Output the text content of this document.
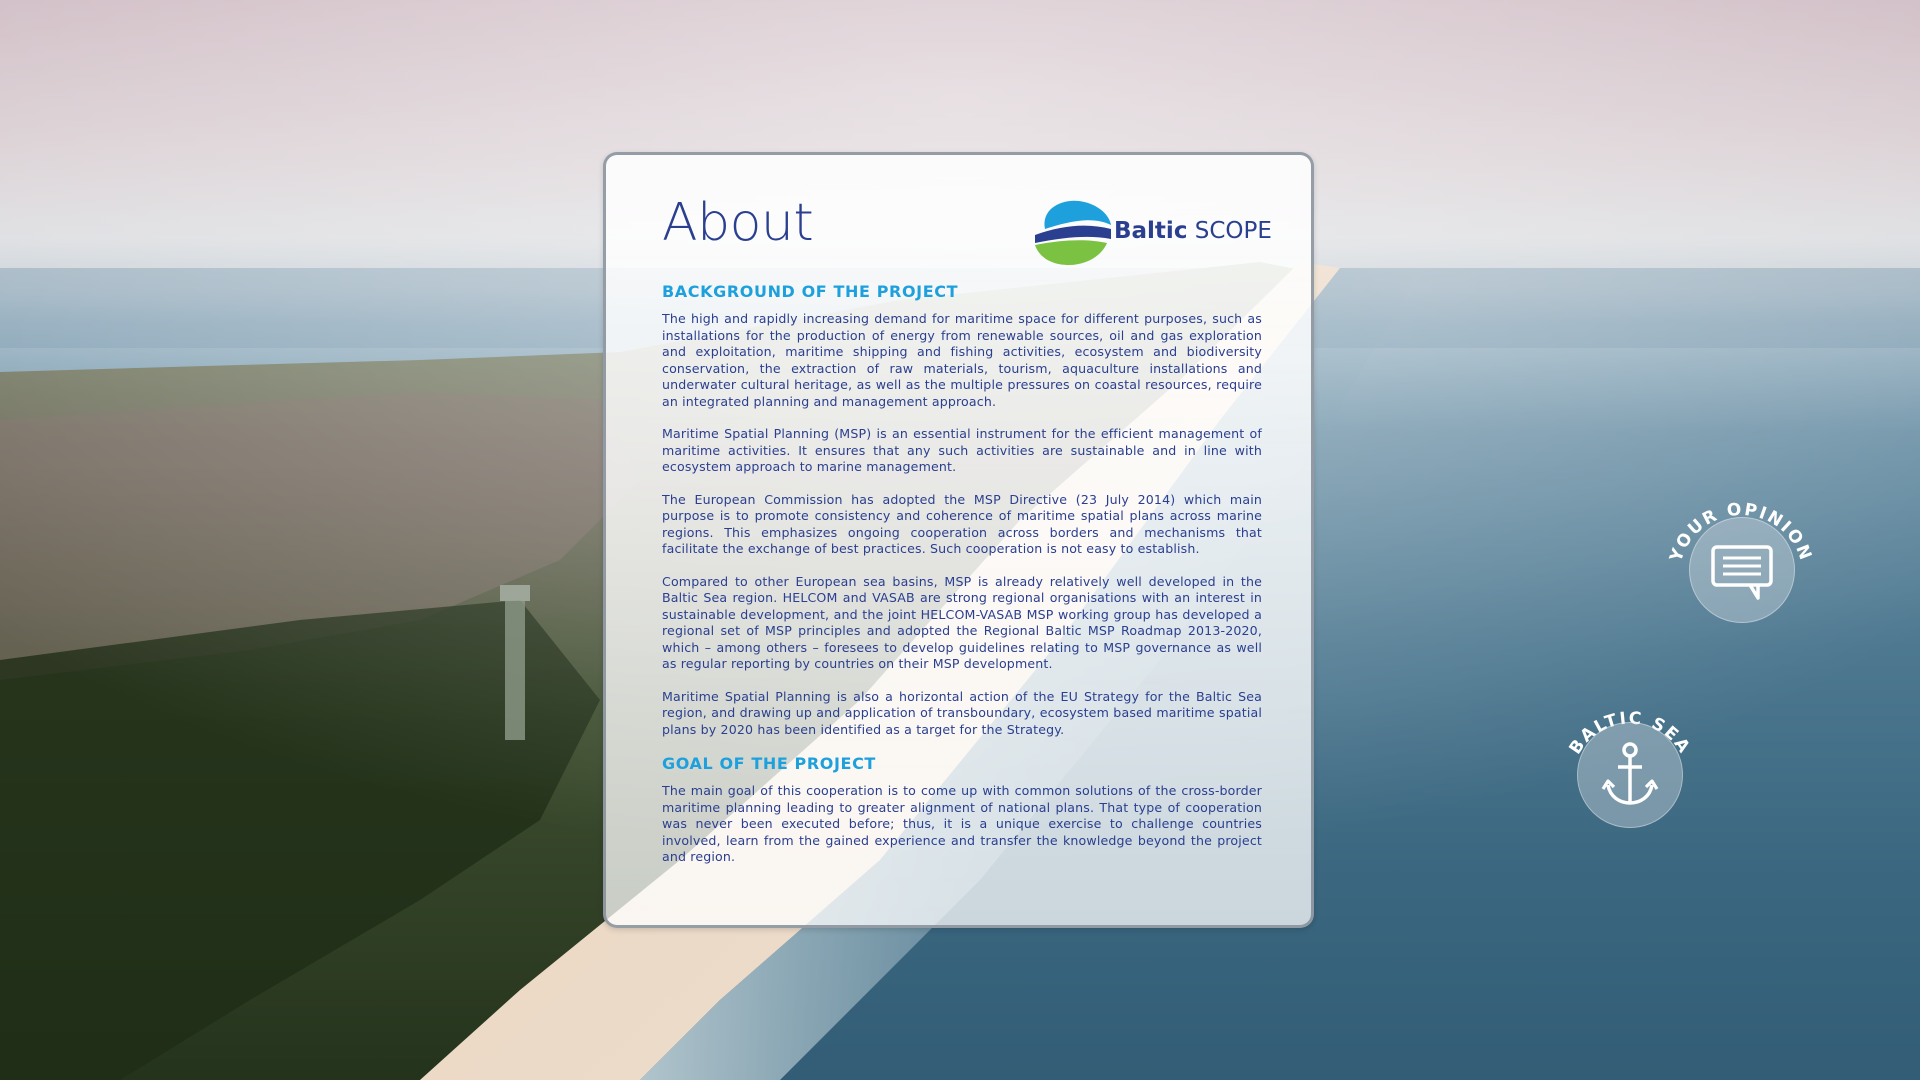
About	Baltic SCOPE
BACKGROUND OF THE PROJECT

The high and rapidly increasing demand for maritime space for different purposes, such as installations for the production of energy from renewable sources, oil and gas exploration and exploitation, maritime shipping and fishing activities, ecosystem and biodiversity conservation, the extraction of raw materials, tourism, aquaculture installations and underwater cultural heritage, as well as the multiple pressures on coastal resources, require an integrated planning and management approach.

Maritime Spatial Planning (MSP) is an essential instrument for the efficient management of maritime activities. It ensures that any such activities are sustainable and in line with ecosystem approach to marine management.

The European Commission has adopted the MSP Directive (23 July 2014) which main purpose is to promote consistency and coherence of maritime spatial plans across marine regions. This emphasizes ongoing cooperation across borders and mechanisms that facilitate the exchange of best practices. Such cooperation is not easy to establish.

Compared to other European sea basins, MSP is already relatively well developed in the Baltic Sea region. HELCOM and VASAB are strong regional organisations with an interest in sustainable development, and the joint HELCOM-VASAB MSP working group has developed a regional set of MSP principles and adopted the Regional Baltic MSP Roadmap 2013-2020, which – among others – foresees to develop guidelines relating to MSP governance as well as regular reporting by countries on their MSP development.

Maritime Spatial Planning is also a horizontal action of the EU Strategy for the Baltic Sea region, and drawing up and application of transboundary, ecosystem based maritime spatial plans by 2020 has been identified as a target for the Strategy.

GOAL OF THE PROJECT

The main goal of this cooperation is to come up with common solutions of the cross-border maritime planning leading to greater alignment of national plans. That type of cooperation was never been executed before; thus, it is a unique exercise to challenge countries involved, learn from the gained experience and transfer the knowledge beyond the project and region.

YOUR OPINION
BALTIC SEA
